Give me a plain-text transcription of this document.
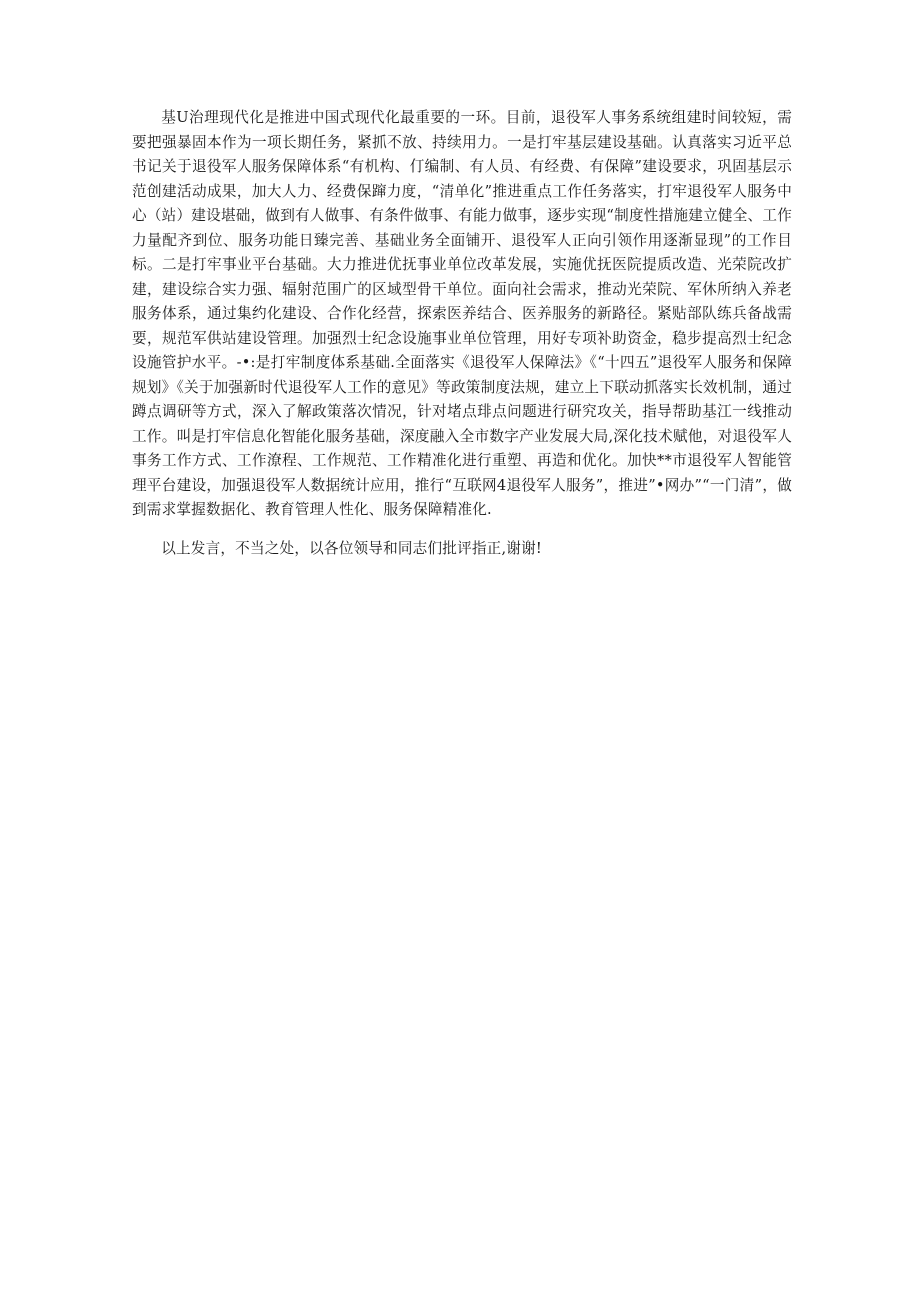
基U治理现代化是推进中国式现代化最重要的一环。目前，退役军人事务系统组建时间较短，需要把强暴固本作为一项长期任务，紧抓不放、持续用力。一是打牢基层建设基础。认真落实习近平总书记关于退役军人服务保障体系“有机构、仃编制、有人员、有经费、有保障”建设要求，巩固基层示范创建活动成果，加大人力、经费保蹿力度，“清单化”推进重点工作任务落实，打牢退役军人服务中心（站）建设堪础，做到有人做事、有条件做事、有能力做事，逐步实现“制度性措施建立健全、工作力量配齐到位、服务功能日臻完善、基础业务全面铺开、退役军人正向引领作用逐渐显现”的工作目标。二是打牢事业平台基础。大力推进优抚事业单位改革发展，实施优抚医院提质改造、光荣院改扩建，建设综合实力强、辐射范围广的区域型骨干单位。面向社会需求，推动光荣院、军休所纳入养老服务体系，通过集约化建设、合作化经营，探索医养结合、医养服务的新路径。紧贴部队练兵备战需要，规范军供站建设管理。加强烈士纪念设施事业单位管理，用好专项补助资金，稳步提高烈士纪念设施管护水平。-•:是打牢制度体系基础.全面落实《退役军人保障法》《“十四五”退役军人服务和保障规划》《关于加强新时代退役军人工作的意见》等政策制度法规，建立上下联动抓落实长效机制，通过蹲点调研等方式，深入了解政策落次情况，针对堵点琲点问题进行研究攻关，指导帮助基江一线推动工作。叫是打牢信息化智能化服务基础，深度融入全市数字产业发展大局,深化技术赋他，对退役军人事务工作方式、工作潦程、工作规范、工作精准化进行重塑、再造和优化。加快**市退役军人智能管理平台建设，加强退役军人数据统计应用，推行“互联网4退役军人服务”，推进”•网办”“一门清”，做到需求掌握数据化、教育管理人性化、服务保障精准化.

以上发言，不当之处，以各位领导和同志们批评指正,谢谢!
